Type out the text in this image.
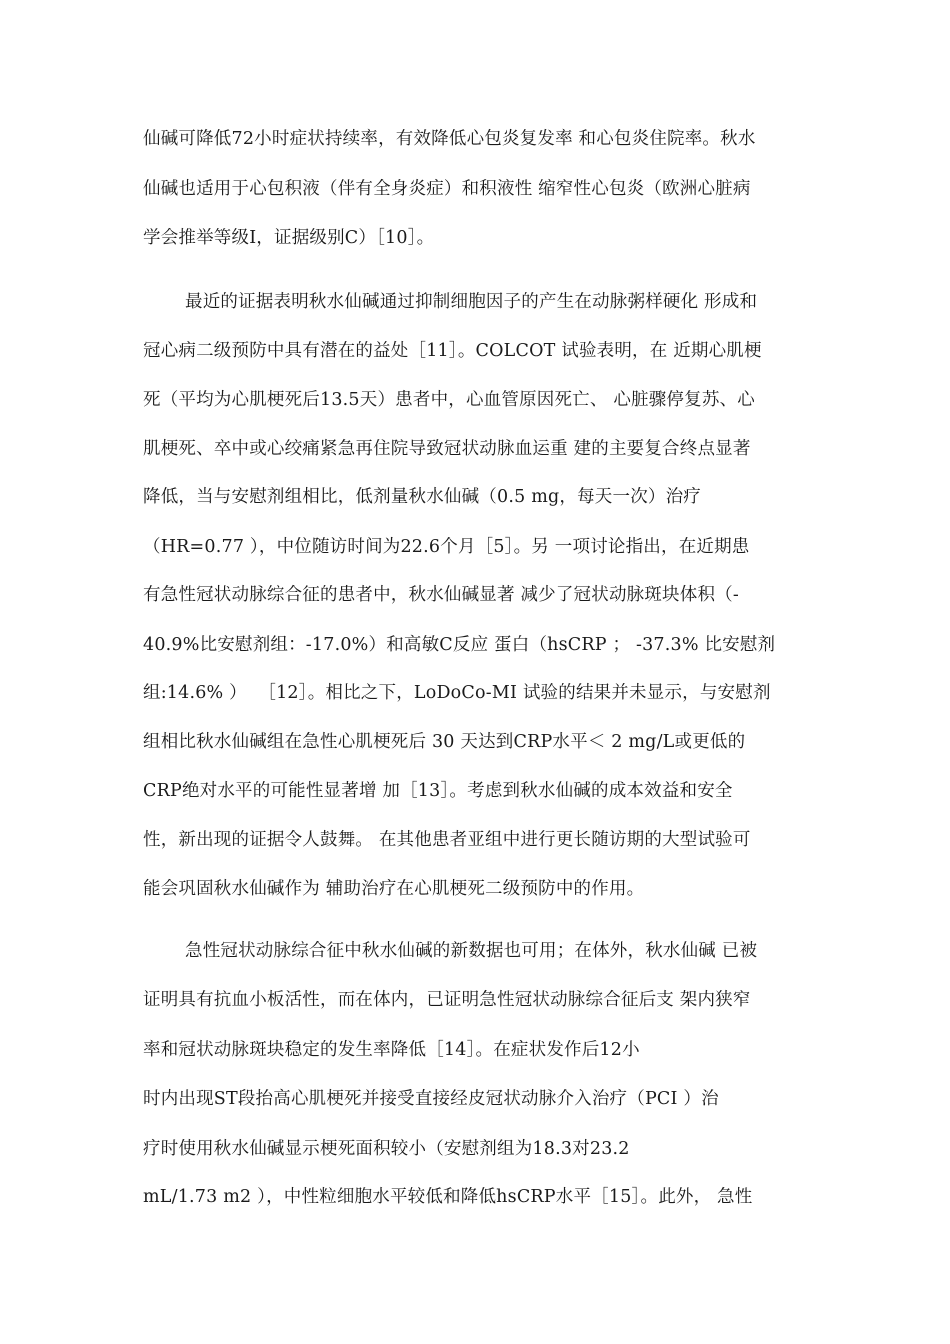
仙碱可降低72小时症状持续率，有效降低心包炎复发率 和心包炎住院率。秋水
仙碱也适用于心包积液（伴有全身炎症）和积液性 缩窄性心包炎（欧洲心脏病
学会推举等级I，证据级别C）［10］。
最近的证据表明秋水仙碱通过抑制细胞因子的产生在动脉粥样硬化 形成和
冠心病二级预防中具有潜在的益处［11］。COLCOT 试验表明，在 近期心肌梗
死（平均为心肌梗死后13.5天）患者中，心血管原因死亡、 心脏骤停复苏、心
肌梗死、卒中或心绞痛紧急再住院导致冠状动脉血运重 建的主要复合终点显著
降低，当与安慰剂组相比，低剂量秋水仙碱（0.5 mg，每天一次）治疗
（HR=0.77 ），中位随访时间为22.6个月［5］。另 一项讨论指出，在近期患
有急性冠状动脉综合征的患者中，秋水仙碱显著 减少了冠状动脉斑块体积（-
40.9%比安慰剂组：-17.0%）和高敏C反应 蛋白（hsCRP ； -37.3% 比安慰剂
组:14.6% ）  ［12］。相比之下，LoDoCo-MI 试验的结果并未显示，与安慰剂
组相比秋水仙碱组在急性心肌梗死后 30 天达到CRP水平＜ 2 mg/L或更低的
CRP绝对水平的可能性显著增 加［13］。考虑到秋水仙碱的成本效益和安全
性，新出现的证据令人鼓舞。 在其他患者亚组中进行更长随访期的大型试验可
能会巩固秋水仙碱作为 辅助治疗在心肌梗死二级预防中的作用。
急性冠状动脉综合征中秋水仙碱的新数据也可用；在体外，秋水仙碱 已被
证明具有抗血小板活性，而在体内，已证明急性冠状动脉综合征后支 架内狭窄
率和冠状动脉斑块稳定的发生率降低［14］。在症状发作后12小
时内出现ST段抬高心肌梗死并接受直接经皮冠状动脉介入治疗（PCI ）治
疗时使用秋水仙碱显示梗死面积较小（安慰剂组为18.3对23.2
mL/1.73 m2 ），中性粒细胞水平较低和降低hsCRP水平［15］。此外， 急性
